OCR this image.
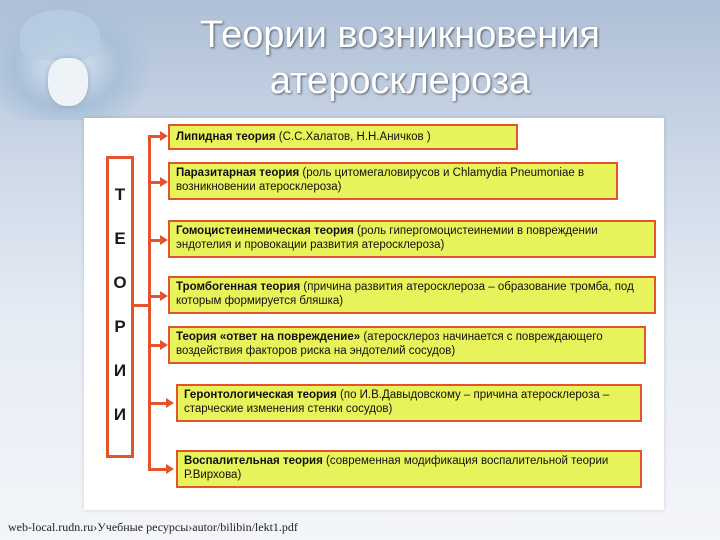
Теории возникновения атеросклероза
Т
Е
О
Р
И
И
Липидная теория (С.С.Халатов, Н.Н.Аничков )
Паразитарная теория (роль цитомегаловирусов и Chlamydia Pneumoniae в возникновении атеросклероза)
Гомоцистеинемическая теория (роль гипергомоцистеинемии в повреждении эндотелия и провокации развития атеросклероза)
Тромбогенная теория (причина развития атеросклероза – образование тромба, под которым формируется бляшка)
Теория «ответ на повреждение» (атеросклероз начинается с повреждающего воздействия факторов риска на эндотелий сосудов)
Геронтологическая теория (по И.В.Давыдовскому – причина атеросклероза – старческие изменения стенки сосудов)
Воспалительная теория (современная модификация воспалительной теории Р.Вирхова)
web-local.rudn.ru›Учебные ресурсы›autor/bilibin/lekt1.pdf
